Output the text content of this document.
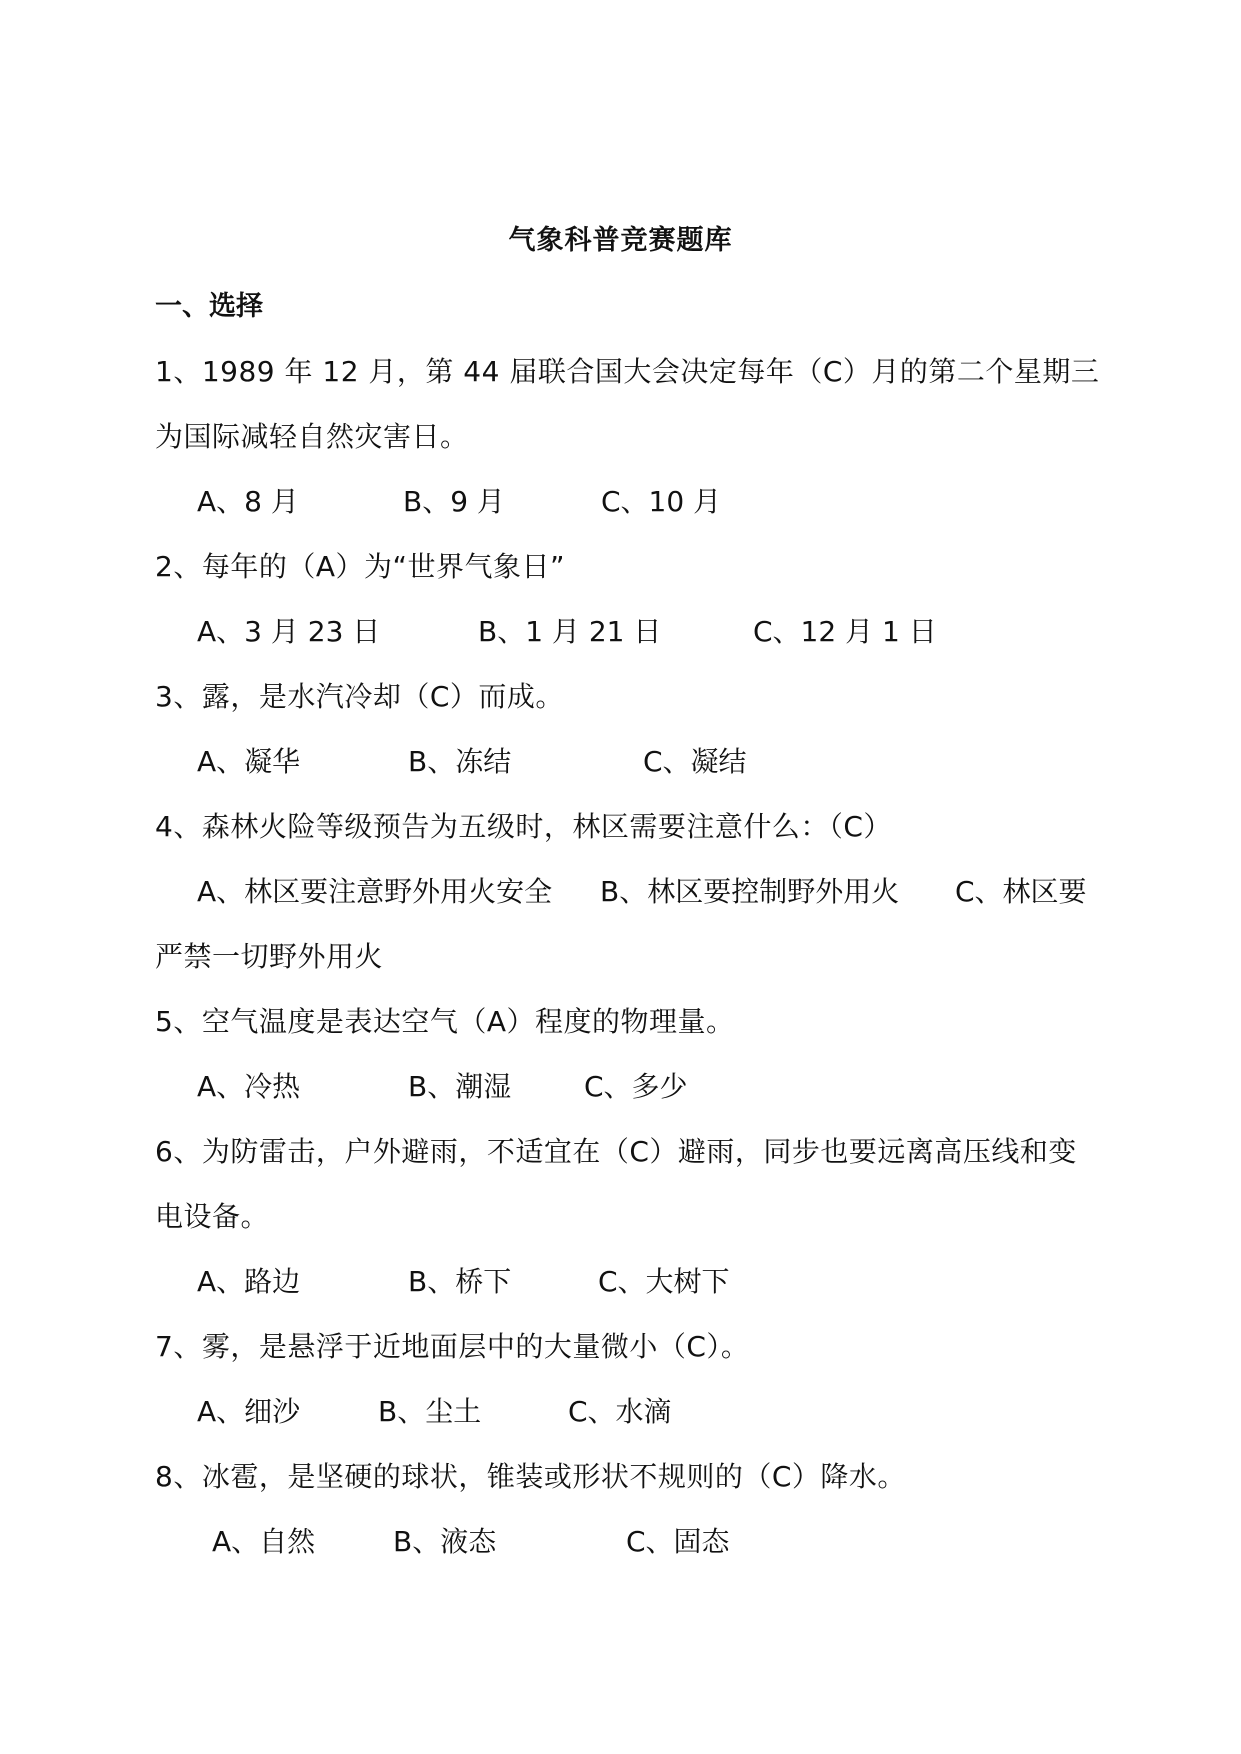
气象科普竞赛题库
一、选择
1、1989 年 12 月，第 44 届联合国大会决定每年（C）月的第二个星期三
为国际减轻自然灾害日。
A、8 月	B、9 月	C、10 月
2、每年的（A）为“世界气象日”
A、3 月 23 日	B、1 月 21 日	C、12 月 1 日
3、露，是水汽冷却（C）而成。
A、凝华	B、冻结	C、凝结
4、森林火险等级预告为五级时，林区需要注意什么：（C）
A、林区要注意野外用火安全 B、林区要控制野外用火 C、林区要
严禁一切野外用火
5、空气温度是表达空气（A）程度的物理量。
A、冷热	B、潮湿	C、多少
6、为防雷击，户外避雨，不适宜在（C）避雨，同步也要远离高压线和变
电设备。
A、路边	B、桥下	C、大树下
7、雾，是悬浮于近地面层中的大量微小（C）。
A、细沙	B、尘土	C、水滴
8、冰雹，是坚硬的球状，锥装或形状不规则的（C）降水。
A、自然	B、液态	C、固态
